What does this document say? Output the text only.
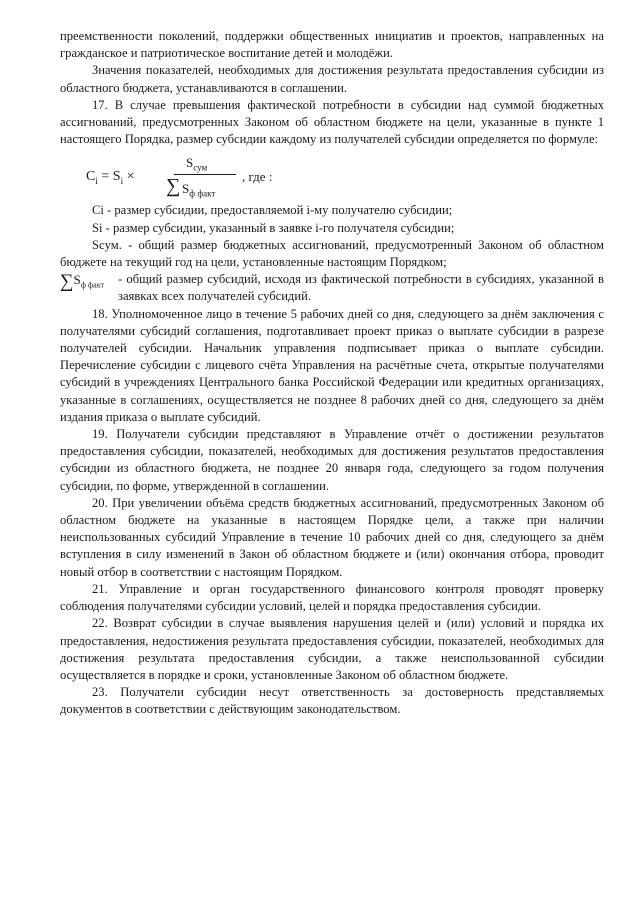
преемственности поколений, поддержки общественных инициатив и проектов, направленных на гражданское и патриотическое воспитание детей и молодёжи.

Значения показателей, необходимых для достижения результата предоставления субсидии из областного бюджета, устанавливаются в соглашении.

17. В случае превышения фактической потребности в субсидии над суммой бюджетных ассигнований, предусмотренных Законом об областном бюджете на цели, указанные в пункте 1 настоящего Порядка, размер субсидии каждому из получателей субсидии определяется по формуле:

$C_i = S_i$ ×
$S_{сум}$
∑ $S_{ф факт}$
, где :

Ci - размер субсидии, предоставляемой i-му получателю субсидии;

Si - размер субсидии, указанный в заявке i-го получателя субсидии;

Scум. - общий размер бюджетных ассигнований, предусмотренный Законом об областном бюджете на текущий год на цели, установленные настоящим Порядком;

$\sum S_{ф факт}$ - общий размер субсидий, исходя из фактической потребности в субсидиях, указанной в заявках всех получателей субсидий.

18. Уполномоченное лицо в течение 5 рабочих дней со дня, следующего за днём заключения с получателями субсидий соглашения, подготавливает проект приказ о выплате субсидии в разрезе получателей субсидии. Начальник управления подписывает приказ о выплате субсидии. Перечисление субсидии с лицевого счёта Управления на расчётные счета, открытые получателями субсидий в учреждениях Центрального банка Российской Федерации или кредитных организациях, указанные в соглашениях, осуществляется не позднее 8 рабочих дней со дня, следующего за днём издания приказа о выплате субсидий.

19. Получатели субсидии представляют в Управление отчёт о достижении результатов предоставления субсидии, показателей, необходимых для достижения результатов предоставления субсидии из областного бюджета, не позднее 20 января года, следующего за годом получения субсидии, по форме, утвержденной в соглашении.

20. При увеличении объёма средств бюджетных ассигнований, предусмотренных Законом об областном бюджете на указанные в настоящем Порядке цели, а также при наличии неиспользованных субсидий Управление в течение 10 рабочих дней со дня, следующего за днём вступления в силу изменений в Закон об областном бюджете и (или) окончания отбора, проводит новый отбор в соответствии с настоящим Порядком.

21. Управление и орган государственного финансового контроля проводят проверку соблюдения получателями субсидии условий, целей и порядка предоставления субсидии.

22. Возврат субсидии в случае выявления нарушения целей и (или) условий и порядка их предоставления, недостижения результата предоставления субсидии, показателей, необходимых для достижения результата предоставления субсидии, а также неиспользованной субсидии осуществляется в порядке и сроки, установленные Законом об областном бюджете.

23. Получатели субсидии несут ответственность за достоверность представляемых документов в соответствии с действующим законодательством.
